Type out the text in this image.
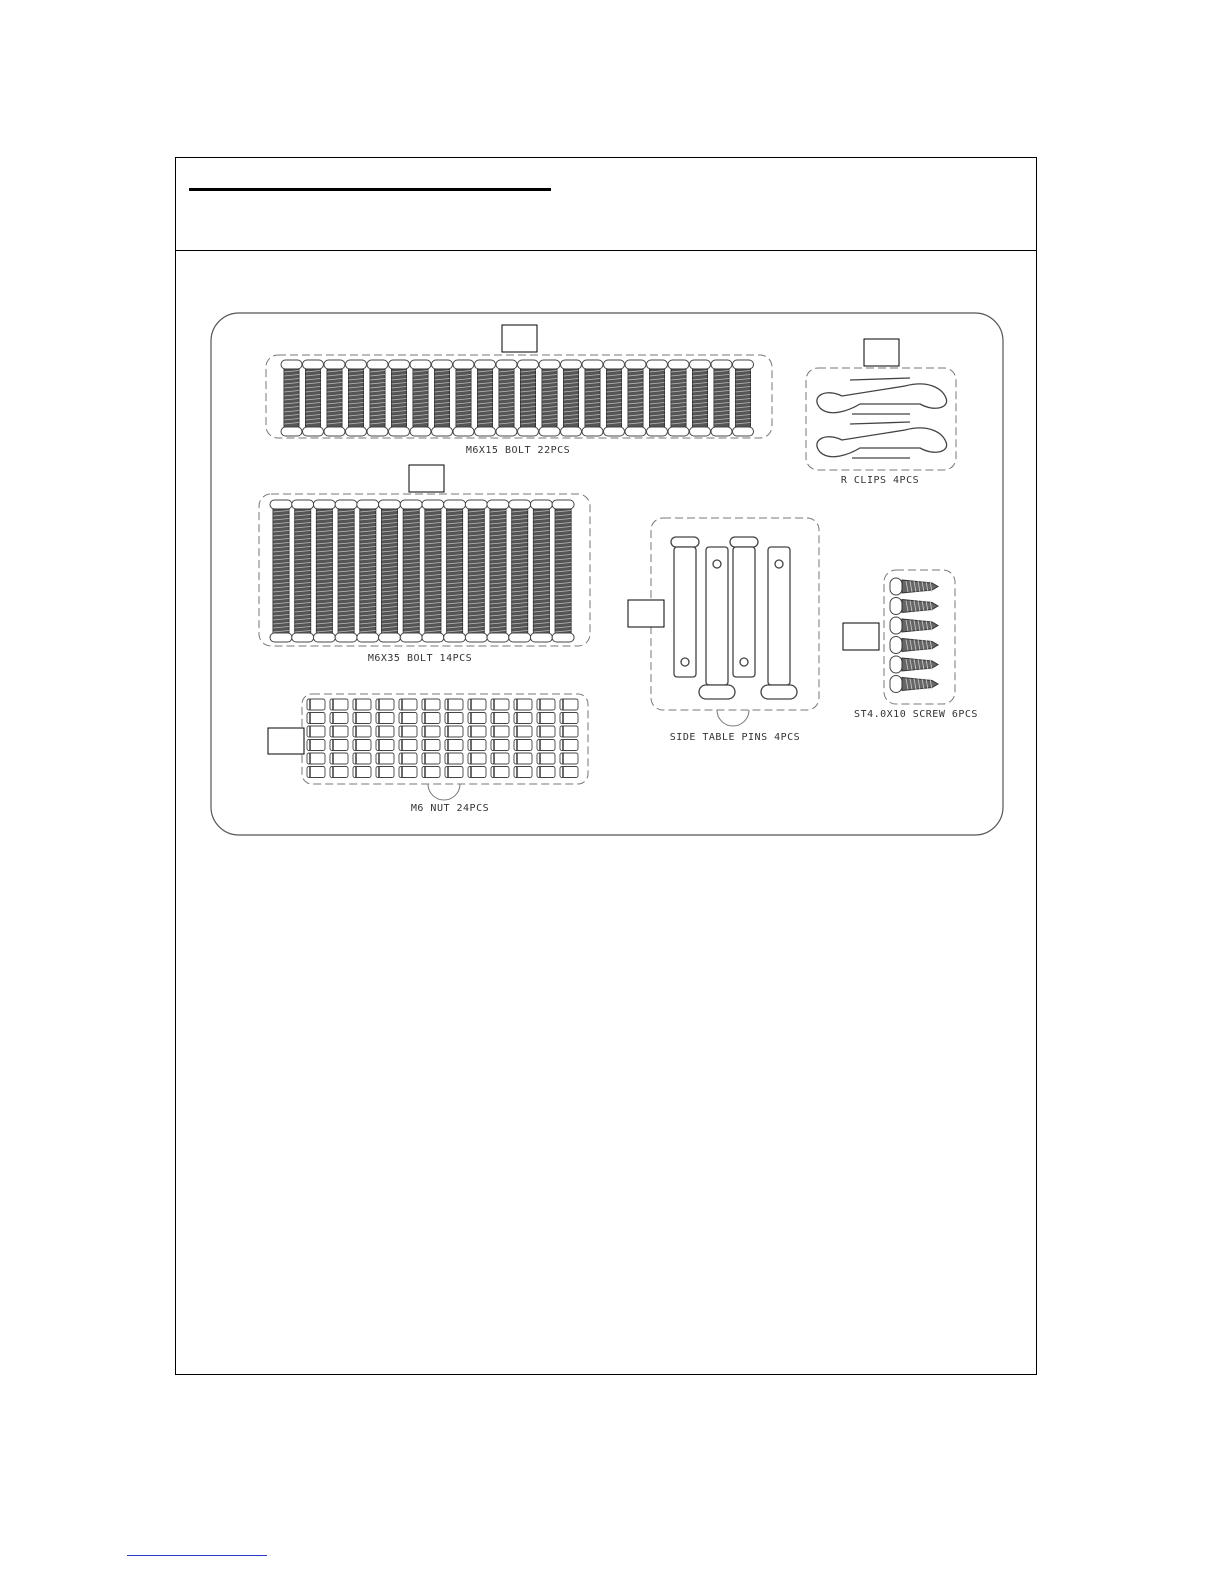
M6X15 BOLT 22PCS
R CLIPS 4PCS
M6X35 BOLT 14PCS
SIDE TABLE PINS 4PCS
ST4.0X10 SCREW 6PCS
M6 NUT 24PCS
